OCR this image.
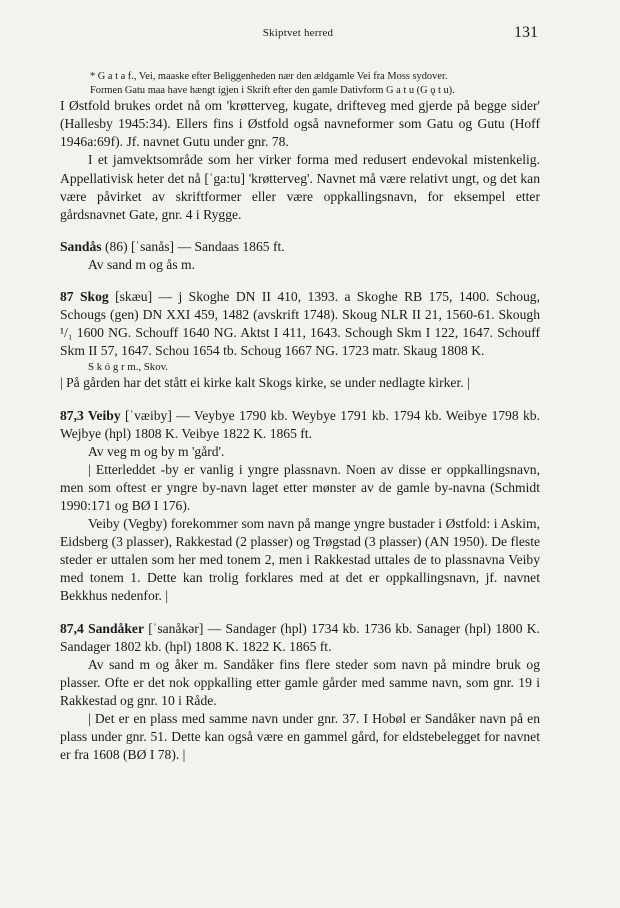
Skiptvet herred	131

* G a t a f., Vei, maaske efter Beliggenheden nær den ældgamle Vei fra Moss sydover.

Formen Gatu maa have hængt igjen i Skrift efter den gamle Dativform G a t u (G ǫ t u).

I Østfold brukes ordet nå om 'krøtterveg, kugate, drifteveg med gjerde på begge sider' (Hallesby 1945:34). Ellers fins i Østfold også navneformer som Gatu og Gutu (Hoff 1946a:69f). Jf. navnet Gutu under gnr. 78.

I et jamvektsområde som her virker forma med redusert endevokal mistenkelig. Appellativisk heter det nå [ˈga:tu] 'krøtterveg'. Navnet må være relativt ungt, og det kan være påvirket av skriftformer eller være oppkallingsnavn, for eksempel etter gårdsnavnet Gate, gnr. 4 i Rygge.

Sandås (86) [ˈsanås] — Sandaas 1865 ft.

Av sand m og ås m.

87 Skog [skæu] — j Skoghe DN II 410, 1393. a Skoghe RB 175, 1400. Schoug, Schougs (gen) DN XXI 459, 1482 (avskrift 1748). Skoug NLR II 21, 1560-61. Skough ¹/₁ 1600 NG. Schouff 1640 NG. Aktst I 411, 1643. Schough Skm I 122, 1647. Schouff Skm II 57, 1647. Schou 1654 tb. Schoug 1667 NG. 1723 matr. Skaug 1808 K.

S k ó g r m., Skov.

| På gården har det stått ei kirke kalt Skogs kirke, se under nedlagte kirker. |

87,3 Veiby [ˈvæiby] — Veybye 1790 kb. Weybye 1791 kb. 1794 kb. Weibye 1798 kb. Wejbye (hpl) 1808 K. Veibye 1822 K. 1865 ft.

Av veg m og by m 'gård'.

| Etterleddet -by er vanlig i yngre plassnavn. Noen av disse er oppkallingsnavn, men som oftest er yngre by-navn laget etter mønster av de gamle by-navna (Schmidt 1990:171 og BØ I 176).

Veiby (Vegby) forekommer som navn på mange yngre bustader i Østfold: i Askim, Eidsberg (3 plasser), Rakkestad (2 plasser) og Trøgstad (3 plasser) (AN 1950). De fleste steder er uttalen som her med tonem 2, men i Rakkestad uttales de to plassnavna Veiby med tonem 1. Dette kan trolig forklares med at det er oppkallingsnavn, jf. navnet Bekkhus nedenfor. |

87,4 Sandåker [ˈsanåkər] — Sandager (hpl) 1734 kb. 1736 kb. Sanager (hpl) 1800 K. Sandager 1802 kb. (hpl) 1808 K. 1822 K. 1865 ft.

Av sand m og åker m. Sandåker fins flere steder som navn på mindre bruk og plasser. Ofte er det nok oppkalling etter gamle gårder med samme navn, som gnr. 19 i Rakkestad og gnr. 10 i Råde.

| Det er en plass med samme navn under gnr. 37. I Hobøl er Sandåker navn på en plass under gnr. 51. Dette kan også være en gammel gård, for eldstebelegget for navnet er fra 1608 (BØ I 78). |
